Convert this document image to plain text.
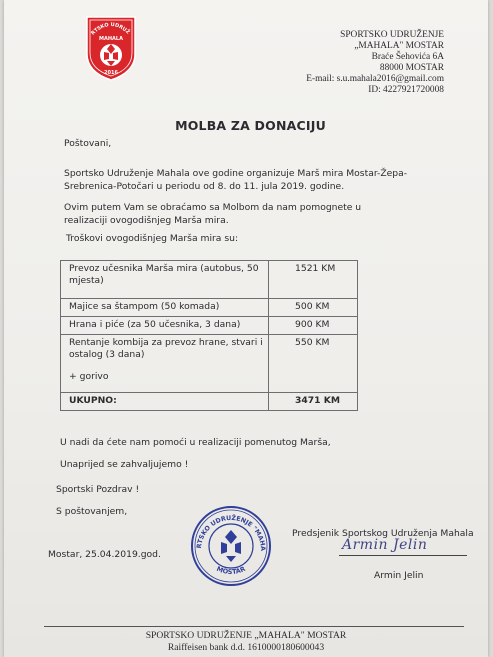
RTSKO UDRUŽ
MAHALA
2016
SPORTSKO UDRUŽENJE
„MAHALA" MOSTAR
Braće Šehovića 6A
88000 MOSTAR
E-mail: s.u.mahala2016@gmail.com
ID: 4227921720008
MOLBA ZA DONACIJU
Poštovani,
Sportsko Udruženje Mahala ove godine organizuje Marš mira Mostar-Žepa-Srebrenica-Potočari u periodu od 8. do 11. jula 2019. godine.
Ovim putem Vam se obraćamo sa Molbom da nam pomognete u realizaciji ovogodišnjeg Marša mira.
Troškovi ovogodišnjeg Marša mira su:
Prevoz učesnika Marša mira (autobus, 50 mjesta)	1521 KM
Majice sa štampom (50 komada)	500 KM
Hrana i piće (za 50 učesnika, 3 dana)	900 KM

Rentanje kombija za prevoz hrane, stvari i ostalog (3 dana)
+ gorivo	550 KM
UKUPNO:	3471 KM
U nadi da ćete nam pomoći u realizaciji pomenutog Marša,
Unaprijed se zahvaljujemo !
Sportski Pozdrav !
S poštovanjem,
Mostar, 25.04.2019.god.
RTSKO UDRUŽENJE "MAHA
MOSTAR
Predsjenik Sportskog Udruženja Mahala
Armin Jelin
Armin Jelin
SPORTSKO UDRUŽENJE „MAHALA" MOSTAR
Raiffeisen bank d.d. 1610000180600043
